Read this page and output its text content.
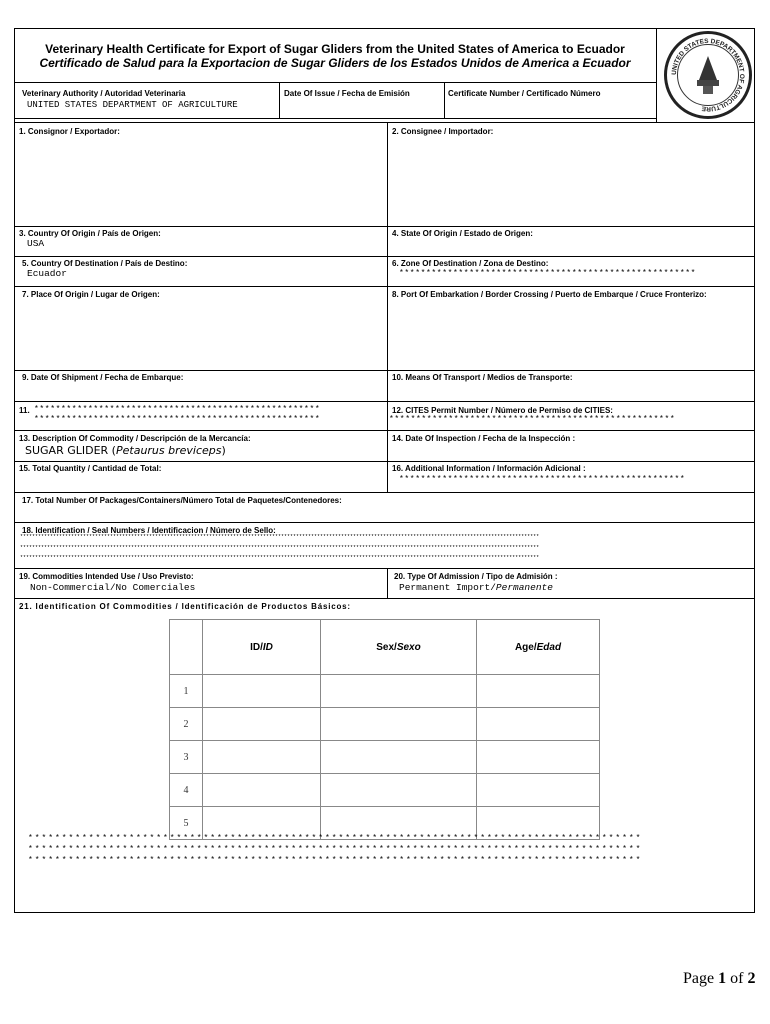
Veterinary Health Certificate for Export of Sugar Gliders from the United States of America to Ecuador
Certificado de Salud para la Exportacion de Sugar Gliders de los Estados Unidos de America a Ecuador
UNITED STATES DEPARTMENT OF AGRICULTURE
Veterinary Authority / Autoridad Veterinaria
UNITED STATES DEPARTMENT OF AGRICULTURE
Date Of Issue / Fecha de Emisión	Certificate Number / Certificado Número
1. Consignor / Exportador:	2. Consignee / Importador:
3. Country Of Origin / País de Origen:
USA
4. State Of Origin / Estado de Origen:
5. Country Of Destination / País de Destino:
Ecuador
6. Zone Of Destination / Zona de Destino:
*******************************************************
7. Place Of Origin / Lugar de Origen:	8. Port Of Embarkation / Border Crossing / Puerto de Embarque / Cruce Fronterizo:
9. Date Of Shipment / Fecha de Embarque:	10. Means Of Transport / Medios de Transporte:
11. *****************************************************
*****************************************************
12. CITES Permit Number / Número de Permiso de CITIES:
*****************************************************
13. Description Of Commodity / Descripción de la Mercancía:
SUGAR GLIDER (Petaurus breviceps)
14. Date Of Inspection / Fecha de la Inspección :
15. Total Quantity / Cantidad de Total:	16. Additional Information / Información Adicional :
*****************************************************
17. Total Number Of Packages/Containers/Número Total de Paquetes/Contenedores:
18. Identification / Seal Numbers / Identificacion / Número de Sello:
*****************************************************************************************************************************************************************************
*****************************************************************************************************************************************************************************
*****************************************************************************************************************************************************************************
19. Commodities Intended Use / Uso Previsto:
Non-Commercial/No Comerciales
20. Type Of Admission / Tipo de Admisión :
Permanent Import/Permanente
21. Identification Of Commodities / Identificación de Productos Básicos:
	ID/ID	Sex/Sexo	Age/Edad
1			
2			
3			
4			
5			
*******************************************************************************************
*******************************************************************************************
*******************************************************************************************
Page 1 of 2
